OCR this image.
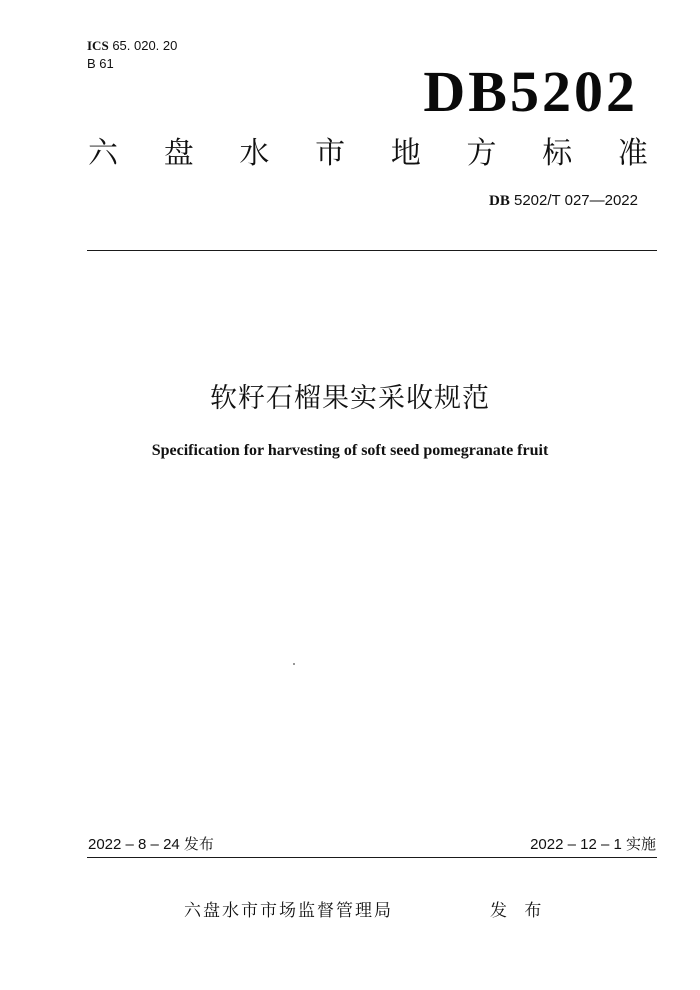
ICS 65. 020. 20
B 61	DB5202
六 盘 水 市 地 方 标 准
DB 5202/T 027—2022
软籽石榴果实采收规范
Specification for harvesting of soft seed pomegranate fruit
2022 – 8 – 24 发布	2022 – 12 – 1 实施
六盘水市市场监督管理局	发 布
